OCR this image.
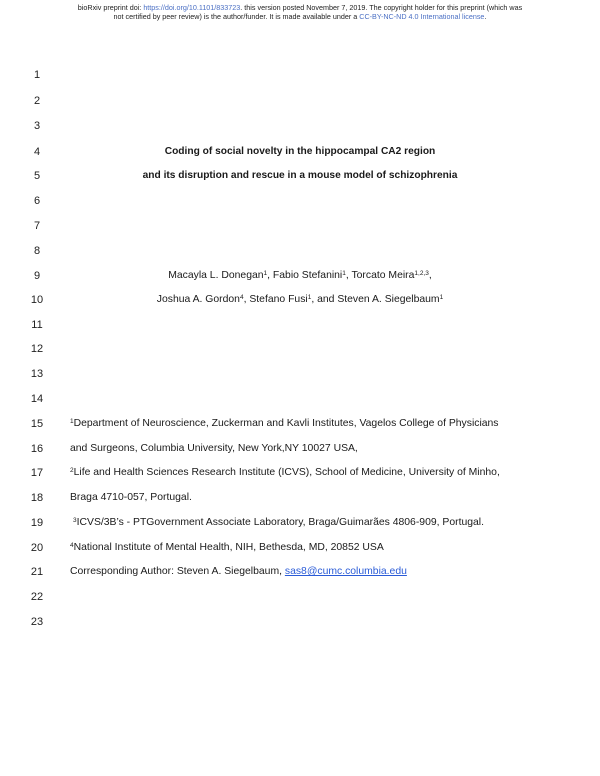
bioRxiv preprint doi: https://doi.org/10.1101/833723. this version posted November 7, 2019. The copyright holder for this preprint (which was
not certified by peer review) is the author/funder. It is made available under a CC-BY-NC-ND 4.0 International license.
1
2
3
4
5
6
7
8
9
10
11
12
13
14
15
16
17
18
19
20
21
22
23
Coding of social novelty in the hippocampal CA2 region
and its disruption and rescue in a mouse model of schizophrenia
Macayla L. Donegan$^1$, Fabio Stefanini$^1$, Torcato Meira$^{1,2,3}$,
Joshua A. Gordon$^4$, Stefano Fusi$^1$, and Steven A. Siegelbaum$^1$
$^1$Department of Neuroscience, Zuckerman and Kavli Institutes, Vagelos College of Physicians
and Surgeons, Columbia University, New York,NY 10027 USA,
$^2$Life and Health Sciences Research Institute (ICVS), School of Medicine, University of Minho,
Braga 4710-057, Portugal.
$^3$ICVS/3B’s - PTGovernment Associate Laboratory, Braga/Guimarães 4806-909, Portugal.
$^4$National Institute of Mental Health, NIH, Bethesda, MD, 20852 USA
Corresponding Author: Steven A. Siegelbaum, sas8@cumc.columbia.edu
